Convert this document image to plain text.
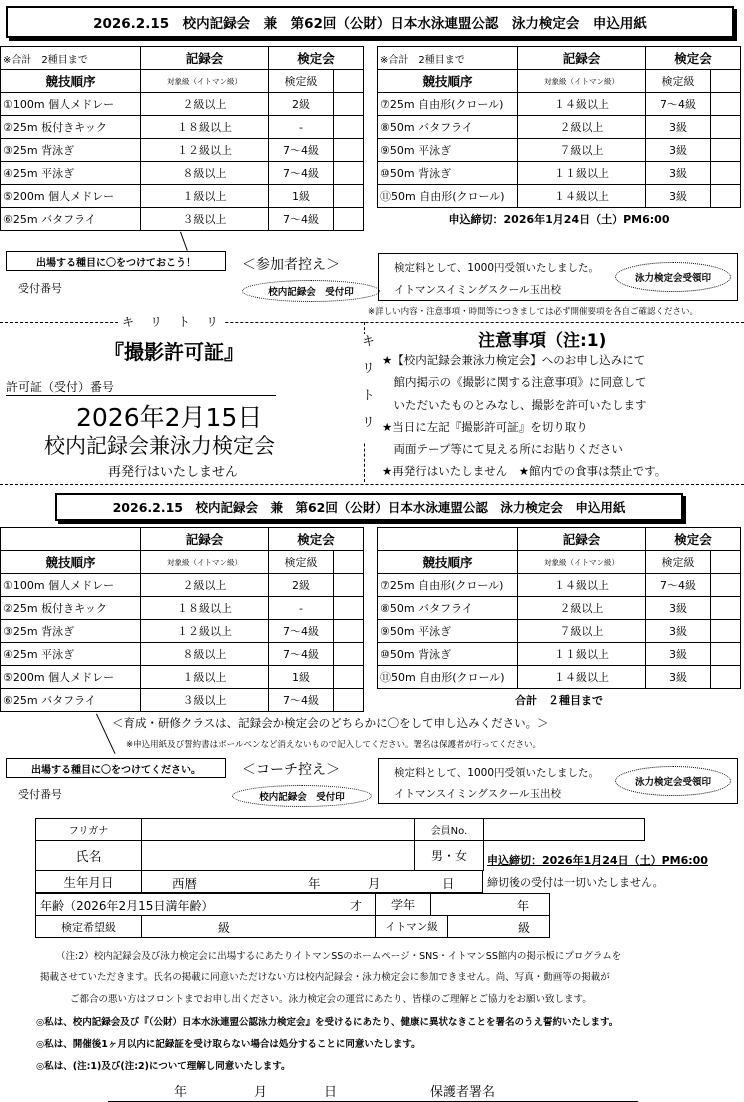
2026.2.15　校内記録会　兼　第62回（公財）日本水泳連盟公認　泳力検定会　申込用紙
※合計　2種目まで	記録会	検定会	
競技順序	対象級（イトマン級）	検定級	
①100m 個人メドレー	２級以上	2級	
②25m 板付きキック	１８級以上	-	
③25m 背泳ぎ	１２級以上	7～4級	
④25m 平泳ぎ	８級以上	7～4級	
⑤200m 個人メドレー	１級以上	1級	
⑥25m バタフライ	３級以上	7～4級	
※合計　2種目まで	記録会	検定会	
競技順序	対象級（イトマン級）	検定級	
⑦25m 自由形(クロール)	１４級以上	7～4級	
⑧50m バタフライ	２級以上	3級	
⑨50m 平泳ぎ	７級以上	3級	
⑩50m 背泳ぎ	１１級以上	3級	
⑪50m 自由形(クロール)	１４級以上	3級	
申込締切：2026年1月24日（土）PM6:00			
出場する種目に〇をつけておこう！	＜参加者控え＞
受付番号	校内記録会　受付印
検定料として、1000円受領いたしました。
イトマンスイミングスクール玉出校
泳力検定会受領印
※詳しい内容・注意事項・時間等につきましては必ず開催要項を各自ご確認ください。
キ　リ　ト　リ
キリトリ
『撮影許可証』
許可証（受付）番号
2026年2月15日
校内記録会兼泳力検定会
再発行はいたしません
注意事項（注:1)
★【校内記録会兼泳力検定会】へのお申し込みにて
　館内掲示の《撮影に関する注意事項》に同意して
　いただいたものとみなし、撮影を許可いたします
★当日に左記『撮影許可証』を切り取り
　両面テープ等にて見える所にお貼りください
★再発行はいたしません　★館内での食事は禁止です。
2026.2.15　校内記録会　兼　第62回（公財）日本水泳連盟公認　泳力検定会　申込用紙
	記録会	検定会	
競技順序	対象級（イトマン級）	検定級	
①100m 個人メドレー	２級以上	2級	
②25m 板付きキック	１８級以上	-	
③25m 背泳ぎ	１２級以上	7～4級	
④25m 平泳ぎ	８級以上	7～4級	
⑤200m 個人メドレー	１級以上	1級	
⑥25m バタフライ	３級以上	7～4級	
	記録会	検定会	
競技順序	対象級（イトマン級）	検定級	
⑦25m 自由形(クロール)	１４級以上	7～4級	
⑧50m バタフライ	２級以上	3級	
⑨50m 平泳ぎ	７級以上	3級	
⑩50m 背泳ぎ	１１級以上	3級	
⑪50m 自由形(クロール)	１４級以上	3級	
合計　２種目まで			
＜育成・研修クラスは、記録会か検定会のどちらかに〇をして申し込みください。＞
※申込用紙及び誓約書はボールペンなど消えないもので記入してください。署名は保護者が行ってください。
出場する種目に〇をつけてください。	＜コーチ控え＞
受付番号	校内記録会　受付印
検定料として、1000円受領いたしました。
イトマンスイミングスクール玉出校
泳力検定会受領印
フリガナ		会員No.	
氏名		男・女	申込締切：2026年1月24日（土）PM6:00
生年月日	西暦	年	月	日	締切後の受付は一切いたしません。
年齢（2026年2月15日満年齢）	才	学年	年
検定希望級	級	イトマン級	級
（注:2）校内記録会及び泳力検定会に出場するにあたりイトマンSSのホームページ・SNS・イトマンSS館内の掲示板にプログラムを
掲載させていただきます。氏名の掲載に同意いただけない方は校内記録会・泳力検定会に参加できません。尚、写真・動画等の掲載が
ご都合の悪い方はフロントまでお申し出ください。泳力検定会の運営にあたり、皆様のご理解とご協力をお願い致します。
◎私は、校内記録会及び『（公財）日本水泳連盟公認泳力検定会』を受けるにあたり、健康に異状なきことを署名のうえ誓約いたします。
◎私は、開催後1ヶ月以内に記録証を受け取らない場合は処分することに同意いたします。
◎私は、(注:1)及び(注:2)について理解し同意いたします。
年	月	日	保護者署名
